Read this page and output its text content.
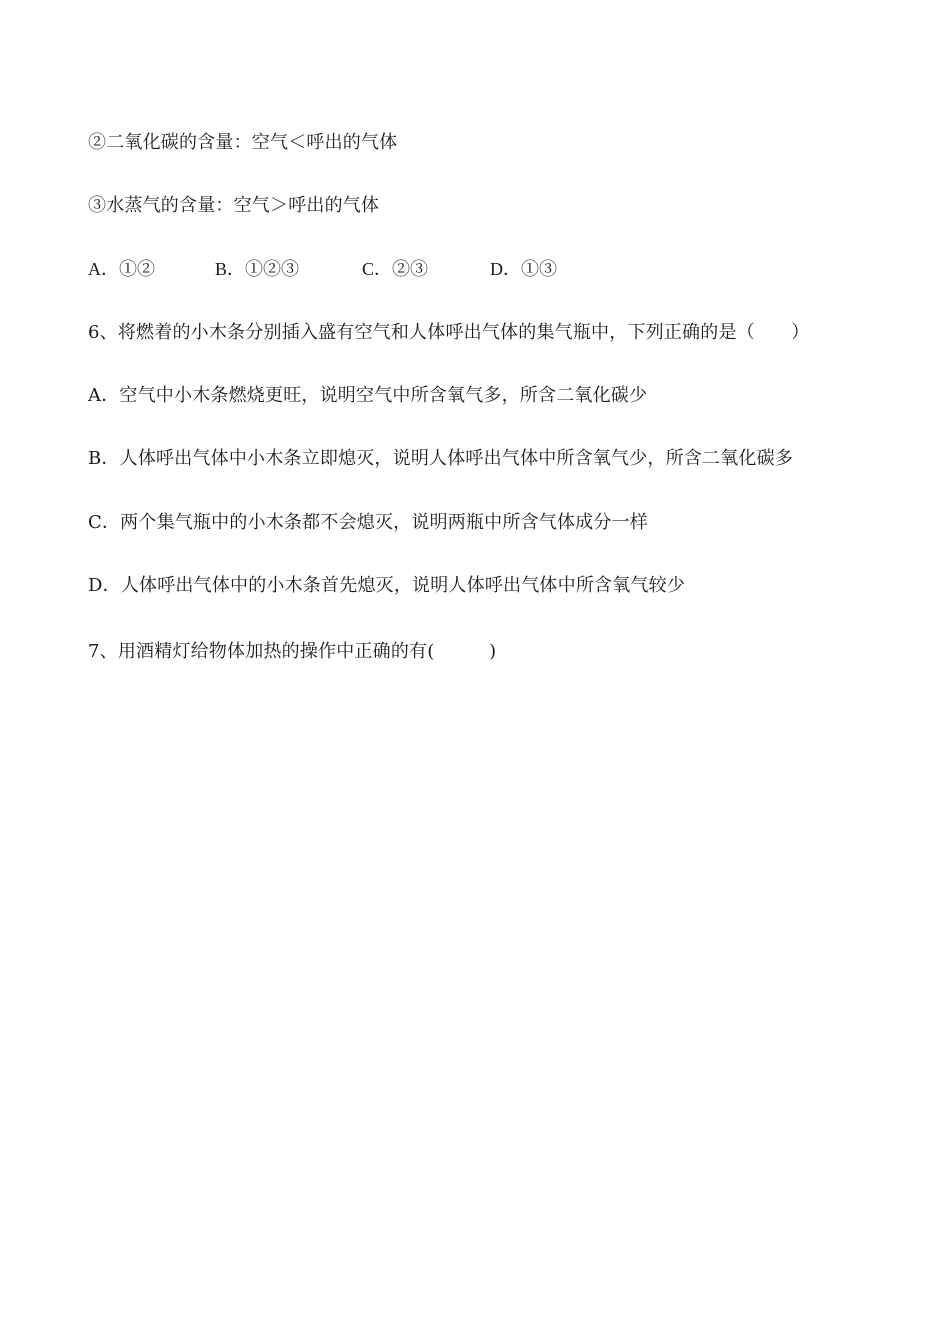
②二氧化碳的含量：空气＜呼出的气体
③水蒸气的含量：空气＞呼出的气体
A．①②	B．①②③	C．②③	D．①③
6、将燃着的小木条分别插入盛有空气和人体呼出气体的集气瓶中，下列正确的是（　　）
A．空气中小木条燃烧更旺，说明空气中所含氧气多，所含二氧化碳少
B．人体呼出气体中小木条立即熄灭，说明人体呼出气体中所含氧气少，所含二氧化碳多
C．两个集气瓶中的小木条都不会熄灭，说明两瓶中所含气体成分一样
D．人体呼出气体中的小木条首先熄灭，说明人体呼出气体中所含氧气较少
7、用酒精灯给物体加热的操作中正确的有(　　　)
